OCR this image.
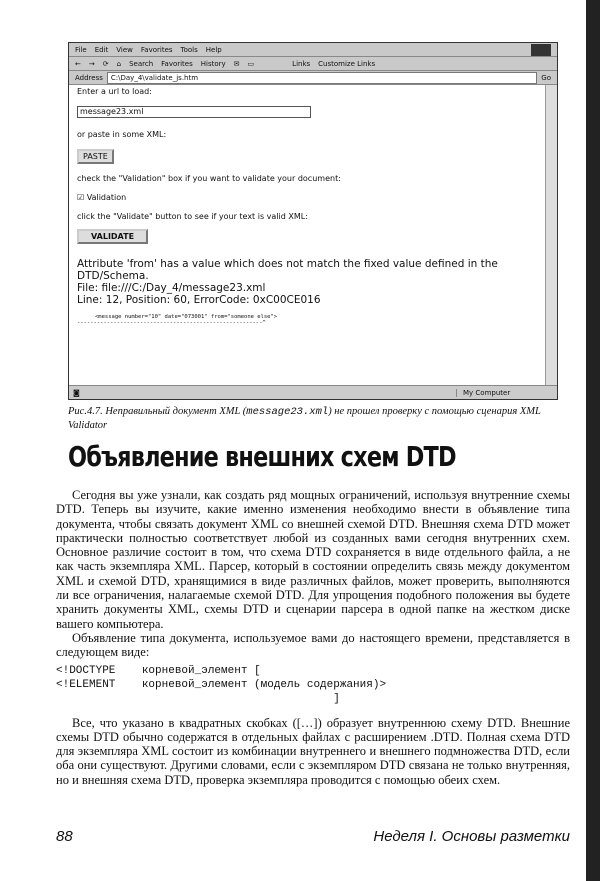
File Edit View Favorites Tools Help
← → ⟳ ⌂ Search Favorites History ✉ ▭	Links Customize Links
Address	C:\Day_4\validate_js.htm	Go

Enter a url to load:

message23.xml

or paste in some XML:

PASTE

check the "Validation" box if you want to validate your document:

☑ Validation

click the "Validate" button to see if your text is valid XML:

VALIDATE
Attribute 'from' has a value which does not match the fixed value defined in the DTD/Schema.
File: file:///C:/Day_4/message23.xml
Line: 12, Position: 60, ErrorCode: 0xC00CE016
<message number="10" date="073001" from="someone else">
--------------------------------------------------------^
◙	My Computer
Рис.4.7. Неправильный документ XML (message23.xml) не прошел проверку с помощью сценария XML Validator
Объявление внешних схем DTD

Сегодня вы уже узнали, как создать ряд мощных ограничений, используя внутренние схемы DTD. Теперь вы изучите, какие именно изменения необходимо внести в объявление типа документа, чтобы связать документ XML со внешней схемой DTD. Внешняя схема DTD может практически полностью соответствует любой из созданных вами сегодня внутренних схем. Основное различие состоит в том, что схема DTD сохраняется в виде отдельного файла, а не как часть экземпляра XML. Парсер, который в состоянии определить связь между документом XML и схемой DTD, хранящимися в виде различных файлов, может проверить, выполняются ли все ограничения, налагаемые схемой DTD. Для упрощения подобного положения вы будете хранить документы XML, схемы DTD и сценарии парсера в одной папке на жестком диске вашего компьютера.

Объявление типа документа, используемое вами до настоящего времени, представляется в следующем виде:

<!DOCTYPE    корневой_элемент [
<!ELEMENT    корневой_элемент (модель содержания)>
]

Все, что указано в квадратных скобках ([…]) образует внутреннюю схему DTD. Внешние схемы DTD обычно содержатся в отдельных файлах с расширением .DTD. Полная схема DTD для экземпляра XML состоит из комбинации внутреннего и внешнего подмножества DTD, если оба они существуют. Другими словами, если с экземпляром DTD связана не только внутренняя, но и внешняя схема DTD, проверка экземпляра проводится с помощью обеих схем.

88	Неделя I. Основы разметки
